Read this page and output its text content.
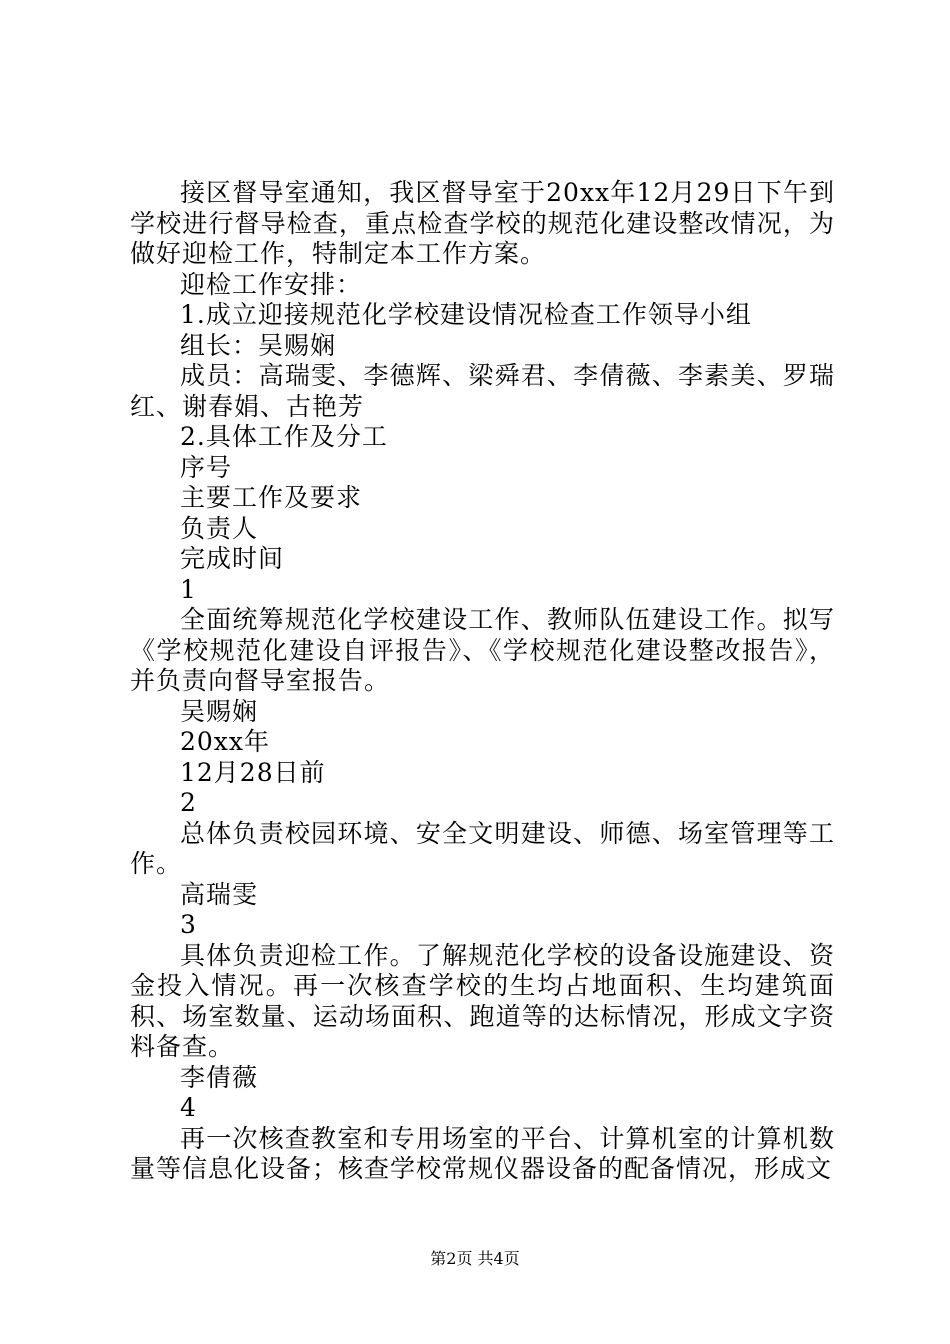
接区督导室通知，我区督导室于20xx年12月29日下午到学校进行督导检查，重点检查学校的规范化建设整改情况，为做好迎检工作，特制定本工作方案。

迎检工作安排：

1.成立迎接规范化学校建设情况检查工作领导小组

组长：吴赐娴

成员：高瑞雯、李德辉、梁舜君、李倩薇、李素美、罗瑞红、谢春娟、古艳芳

2.具体工作及分工

序号

主要工作及要求

负责人

完成时间

1

全面统筹规范化学校建设工作、教师队伍建设工作。拟写《学校规范化建设自评报告》、《学校规范化建设整改报告》，并负责向督导室报告。

吴赐娴

20xx年

12月28日前

2

总体负责校园环境、安全文明建设、师德、场室管理等工作。

高瑞雯

3

具体负责迎检工作。了解规范化学校的设备设施建设、资金投入情况。再一次核查学校的生均占地面积、生均建筑面积、场室数量、运动场面积、跑道等的达标情况，形成文字资料备查。

李倩薇

4

再一次核查教室和专用场室的平台、计算机室的计算机数量等信息化设备；核查学校常规仪器设备的配备情况，形成文

第2页 共4页
